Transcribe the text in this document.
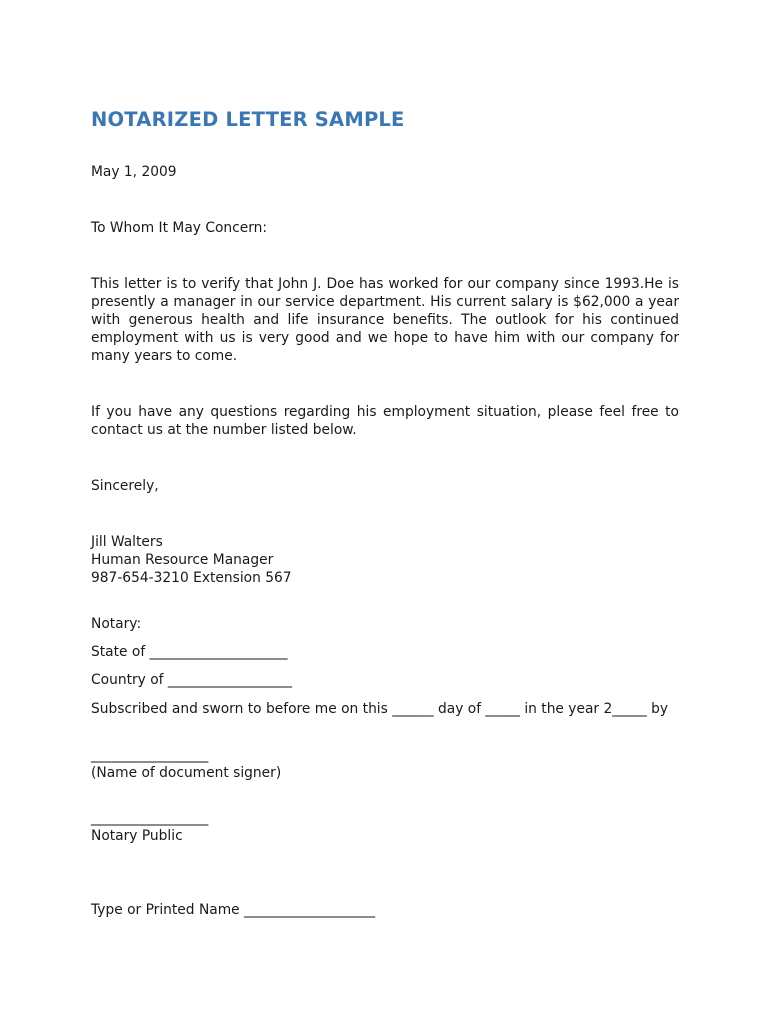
NOTARIZED LETTER SAMPLE

May 1, 2009

To Whom It May Concern:

This letter is to verify that John J. Doe has worked for our company since 1993.He is presently a manager in our service department. His current salary is $62,000 a year with generous health and life insurance benefits. The outlook for his continued employment with us is very good and we hope to have him with our company for many years to come.

If you have any questions regarding his employment situation, please feel free to contact us at the number listed below.

Sincerely,

Jill Walters

Human Resource Manager

987-654-3210 Extension 567

Notary:

State of ____________________

Country of __________________

Subscribed and sworn to before me on this ______ day of _____ in the year 2_____ by

_________________

(Name of document signer)

_________________

Notary Public

Type or Printed Name ___________________
